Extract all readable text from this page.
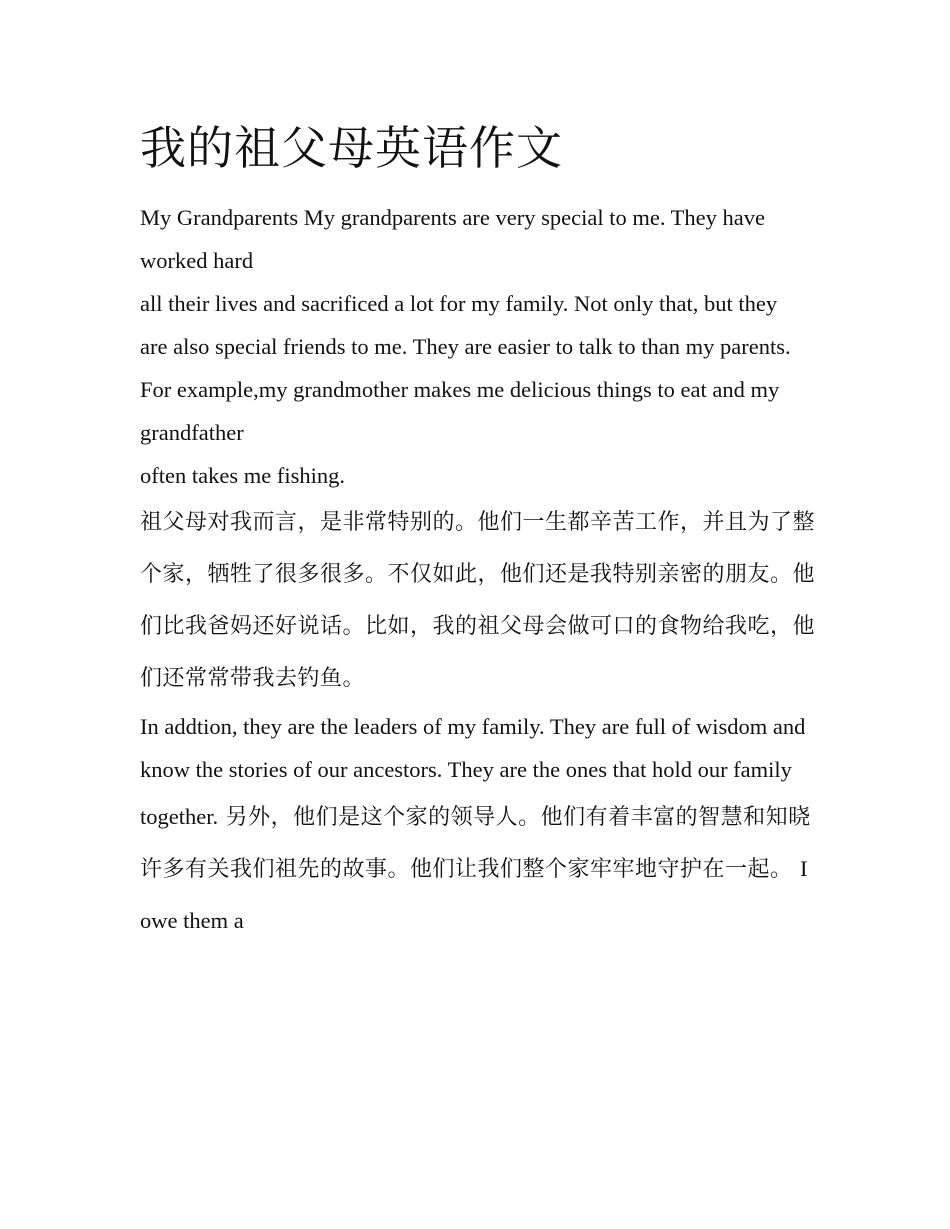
我的祖父母英语作文

My Grandparents My grandparents are very special to me. They have worked hard

all their lives and sacrificed a lot for my family. Not only that, but they

are also special friends to me. They are easier to talk to than my parents.

For example,my grandmother makes me delicious things to eat and my grandfather

often takes me fishing.

祖父母对我而言，是非常特别的。他们一生都辛苦工作，并且为了整个家，牺牲了很多很多。不仅如此，他们还是我特别亲密的朋友。他们比我爸妈还好说话。比如，我的祖父母会做可口的食物给我吃，他们还常常带我去钓鱼。

In addtion, they are the leaders of my family. They are full of wisdom and

know the stories of our ancestors. They are the ones that hold our family

together. 另外，他们是这个家的领导人。他们有着丰富的智慧和知晓许多有关我们祖先的故事。他们让我们整个家牢牢地守护在一起。 I owe them a
